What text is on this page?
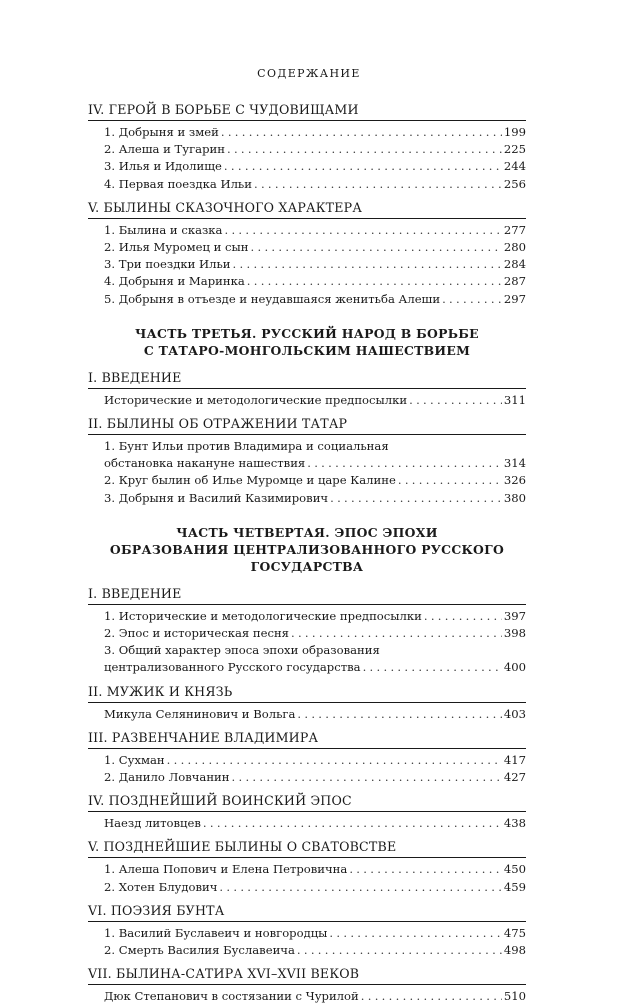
СОДЕРЖАНИЕ
IV. ГЕРОЙ В БОРЬБЕ С ЧУДОВИЩАМИ
1. Добрыня и змей . . .	199
2. Алеша и Тугарин . . .	225
3. Илья и Идолище . . .	244
4. Первая поездка Ильи . . .	256
V. БЫЛИНЫ СКАЗОЧНОГО ХАРАКТЕРА
1. Былина и сказка . . .	277
2. Илья Муромец и сын . . .	280
3. Три поездки Ильи . . .	284
4. Добрыня и Маринка . . .	287
5. Добрыня в отъезде и неудавшаяся женитьба Алеши . . .	297
ЧАСТЬ ТРЕТЬЯ. РУССКИЙ НАРОД В БОРЬБЕ
С ТАТАРО-МОНГОЛЬСКИМ НАШЕСТВИЕМ
I. ВВЕДЕНИЕ
Исторические и методологические предпосылки . . .	311
II. БЫЛИНЫ ОБ ОТРАЖЕНИИ ТАТАР
1. Бунт Ильи против Владимира и социальная
обстановка накануне нашествия . . .	314
2. Круг былин об Илье Муромце и царе Калине . . .	326
3. Добрыня и Василий Казимирович . . .	380
ЧАСТЬ ЧЕТВЕРТАЯ. ЭПОС ЭПОХИ
ОБРАЗОВАНИЯ ЦЕНТРАЛИЗОВАННОГО РУССКОГО
ГОСУДАРСТВА
I. ВВЕДЕНИЕ
1. Исторические и методологические предпосылки . . .	397
2. Эпос и историческая песня . . .	398
3. Общий характер эпоса эпохи образования
централизованного Русского государства . . .	400
II. МУЖИК И КНЯЗЬ
Микула Селянинович и Вольга . . .	403
III. РАЗВЕНЧАНИЕ ВЛАДИМИРА
1. Сухман . . .	417
2. Данило Ловчанин . . .	427
IV. ПОЗДНЕЙШИЙ ВОИНСКИЙ ЭПОС
Наезд литовцев . . .	438
V. ПОЗДНЕЙШИЕ БЫЛИНЫ О СВАТОВСТВЕ
1. Алеша Попович и Елена Петровична . . .	450
2. Хотен Блудович . . .	459
VI. ПОЭЗИЯ БУНТА
1. Василий Буславеич и новгородцы . . .	475
2. Смерть Василия Буславеича . . .	498
VII. БЫЛИНА-САТИРА XVI–XVII ВЕКОВ
Дюк Степанович в состязании с Чурилой . . .	510
